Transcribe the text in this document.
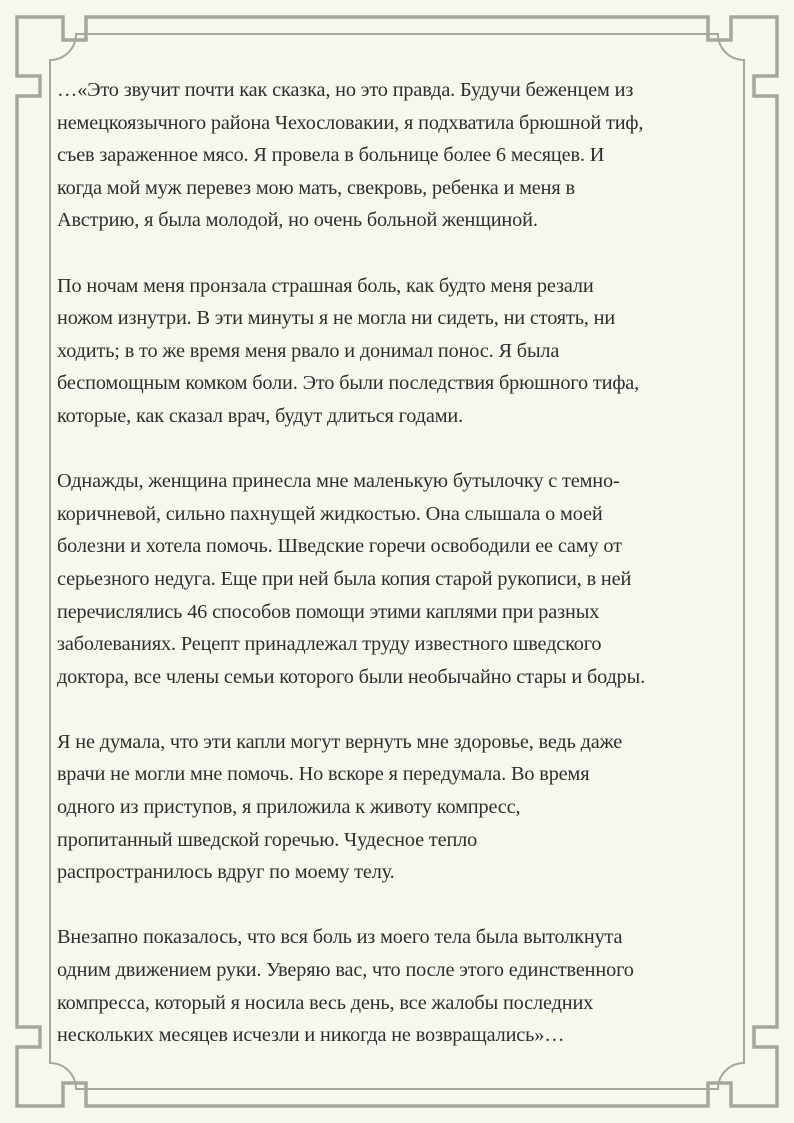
…«Это звучит почти как сказка, но это правда. Будучи беженцем из
немецкоязычного района Чехословакии, я подхватила брюшной тиф,
съев зараженное мясо. Я провела в больнице более 6 месяцев. И
когда мой муж перевез мою мать, свекровь, ребенка и меня в
Австрию, я была молодой, но очень больной женщиной.

По ночам меня пронзала страшная боль, как будто меня резали
ножом изнутри. В эти минуты я не могла ни сидеть, ни стоять, ни
ходить; в то же время меня рвало и донимал понос. Я была
беспомощным комком боли. Это были последствия брюшного тифа,
которые, как сказал врач, будут длиться годами.

Однажды, женщина принесла мне маленькую бутылочку с темно-
коричневой, сильно пахнущей жидкостью. Она слышала о моей
болезни и хотела помочь. Шведские горечи освободили ее саму от
серьезного недуга. Еще при ней была копия старой рукописи, в ней
перечислялись 46 способов помощи этими каплями при разных
заболеваниях. Рецепт принадлежал труду известного шведского
доктора, все члены семьи которого были необычайно стары и бодры.

Я не думала, что эти капли могут вернуть мне здоровье, ведь даже
врачи не могли мне помочь. Но вскоре я передумала. Во время
одного из приступов, я приложила к животу компресс,
пропитанный шведской горечью. Чудесное тепло
распространилось вдруг по моему телу.

Внезапно показалось, что вся боль из моего тела была вытолкнута
одним движением руки. Уверяю вас, что после этого единственного
компресса, который я носила весь день, все жалобы последних
нескольких месяцев исчезли и никогда не возвращались»…
